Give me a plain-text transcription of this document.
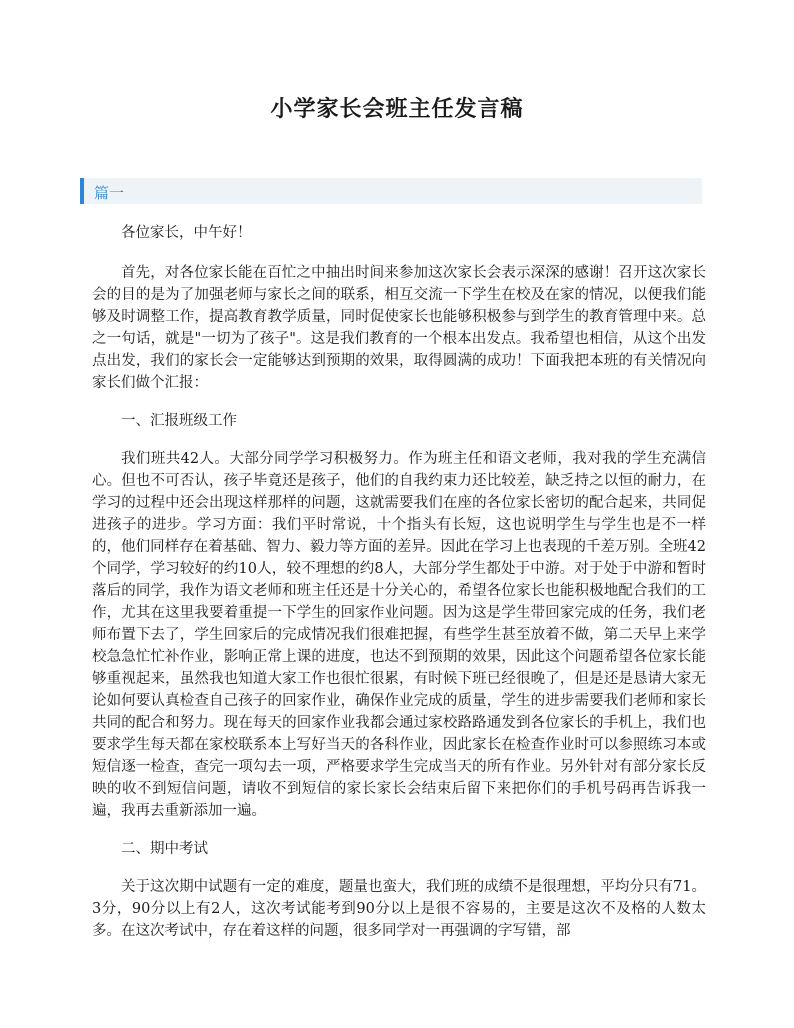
小学家长会班主任发言稿
篇一

各位家长，中午好！

首先，对各位家长能在百忙之中抽出时间来参加这次家长会表示深深的感谢！召开这次家长会的目的是为了加强老师与家长之间的联系，相互交流一下学生在校及在家的情况，以便我们能够及时调整工作，提高教育教学质量，同时促使家长也能够积极参与到学生的教育管理中来。总之一句话，就是"一切为了孩子"。这是我们教育的一个根本出发点。我希望也相信，从这个出发点出发，我们的家长会一定能够达到预期的效果，取得圆满的成功！下面我把本班的有关情况向家长们做个汇报：

一、汇报班级工作

我们班共42人。大部分同学学习积极努力。作为班主任和语文老师，我对我的学生充满信心。但也不可否认，孩子毕竟还是孩子，他们的自我约束力还比较差，缺乏持之以恒的耐力，在学习的过程中还会出现这样那样的问题，这就需要我们在座的各位家长密切的配合起来，共同促进孩子的进步。学习方面：我们平时常说，十个指头有长短，这也说明学生与学生也是不一样的，他们同样存在着基础、智力、毅力等方面的差异。因此在学习上也表现的千差万别。全班42个同学，学习较好的约10人，较不理想的约8人，大部分学生都处于中游。对于处于中游和暂时落后的同学，我作为语文老师和班主任还是十分关心的，希望各位家长也能积极地配合我们的工作，尤其在这里我要着重提一下学生的回家作业问题。因为这是学生带回家完成的任务，我们老师布置下去了，学生回家后的完成情况我们很难把握，有些学生甚至放着不做，第二天早上来学校急急忙忙补作业，影响正常上课的进度，也达不到预期的效果，因此这个问题希望各位家长能够重视起来，虽然我也知道大家工作也很忙很累，有时候下班已经很晚了，但是还是恳请大家无论如何要认真检查自己孩子的回家作业，确保作业完成的质量，学生的进步需要我们老师和家长共同的配合和努力。现在每天的回家作业我都会通过家校路路通发到各位家长的手机上，我们也要求学生每天都在家校联系本上写好当天的各科作业，因此家长在检查作业时可以参照练习本或短信逐一检查，查完一项勾去一项，严格要求学生完成当天的所有作业。另外针对有部分家长反映的收不到短信问题，请收不到短信的家长家长会结束后留下来把你们的手机号码再告诉我一遍，我再去重新添加一遍。

二、期中考试

关于这次期中试题有一定的难度，题量也蛮大，我们班的成绩不是很理想，平均分只有71。3分，90分以上有2人，这次考试能考到90分以上是很不容易的，主要是这次不及格的人数太多。在这次考试中，存在着这样的问题，很多同学对一再强调的字写错，部
